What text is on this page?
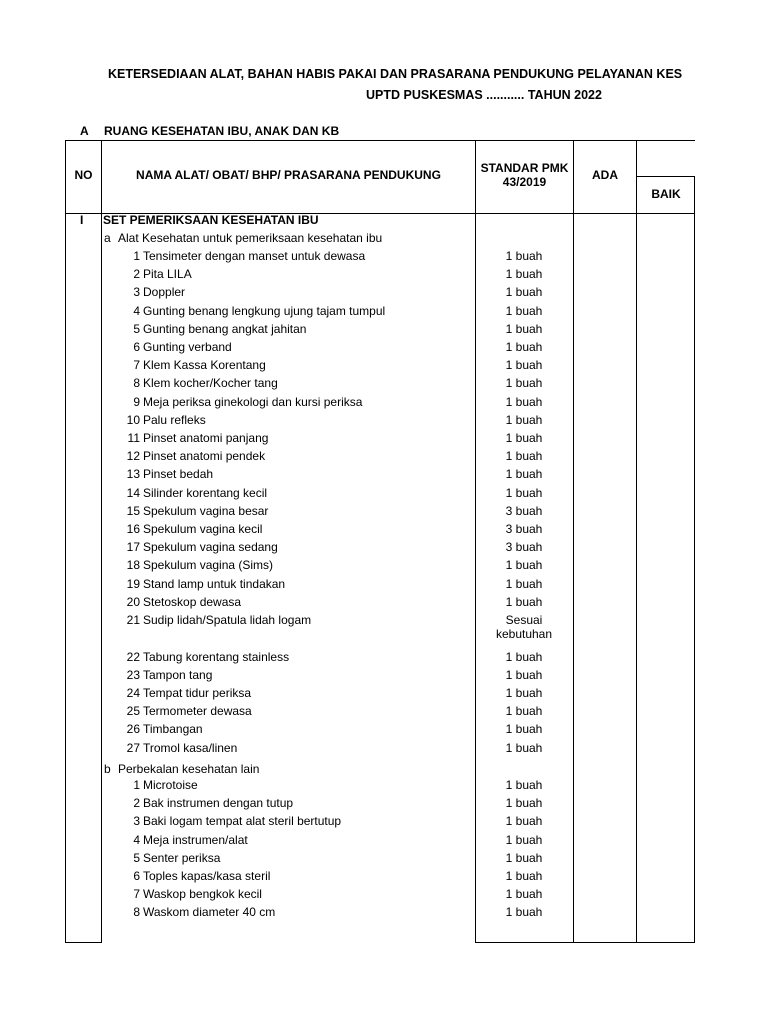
KETERSEDIAAN ALAT, BAHAN HABIS PAKAI DAN PRASARANA PENDUKUNG PELAYANAN KES
UPTD PUSKESMAS ........... TAHUN 2022
A RUANG KESEHATAN IBU, ANAK DAN KB
NO	NAMA ALAT/ OBAT/ BHP/ PRASARANA PENDUKUNG	STANDAR PMK 43/2019	ADA
BAIK
I SET PEMERIKSAAN KESEHATAN IBU
a Alat Kesehatan untuk pemeriksaan kesehatan ibu
1 Tensimeter dengan manset untuk dewasa	1 buah
2 Pita LILA	1 buah
3 Doppler	1 buah
4 Gunting benang lengkung ujung tajam tumpul	1 buah
5 Gunting benang angkat jahitan	1 buah
6 Gunting verband	1 buah
7 Klem Kassa Korentang	1 buah
8 Klem kocher/Kocher tang	1 buah
9 Meja periksa ginekologi dan kursi periksa	1 buah
10 Palu refleks	1 buah
11 Pinset anatomi panjang	1 buah
12 Pinset anatomi pendek	1 buah
13 Pinset bedah	1 buah
14 Silinder korentang kecil	1 buah
15 Spekulum vagina besar	3 buah
16 Spekulum vagina kecil	3 buah
17 Spekulum vagina sedang	3 buah
18 Spekulum vagina (Sims)	1 buah
19 Stand lamp untuk tindakan	1 buah
20 Stetoskop dewasa	1 buah
21 Sudip lidah/Spatula lidah logam	Sesuai
kebutuhan
22 Tabung korentang stainless	1 buah
23 Tampon tang	1 buah
24 Tempat tidur periksa	1 buah
25 Termometer dewasa	1 buah
26 Timbangan	1 buah
27 Tromol kasa/linen	1 buah
b Perbekalan kesehatan lain
1 Microtoise	1 buah
2 Bak instrumen dengan tutup	1 buah
3 Baki logam tempat alat steril bertutup	1 buah
4 Meja instrumen/alat	1 buah
5 Senter periksa	1 buah
6 Toples kapas/kasa steril	1 buah
7 Waskop bengkok kecil	1 buah
8 Waskom diameter 40 cm	1 buah
